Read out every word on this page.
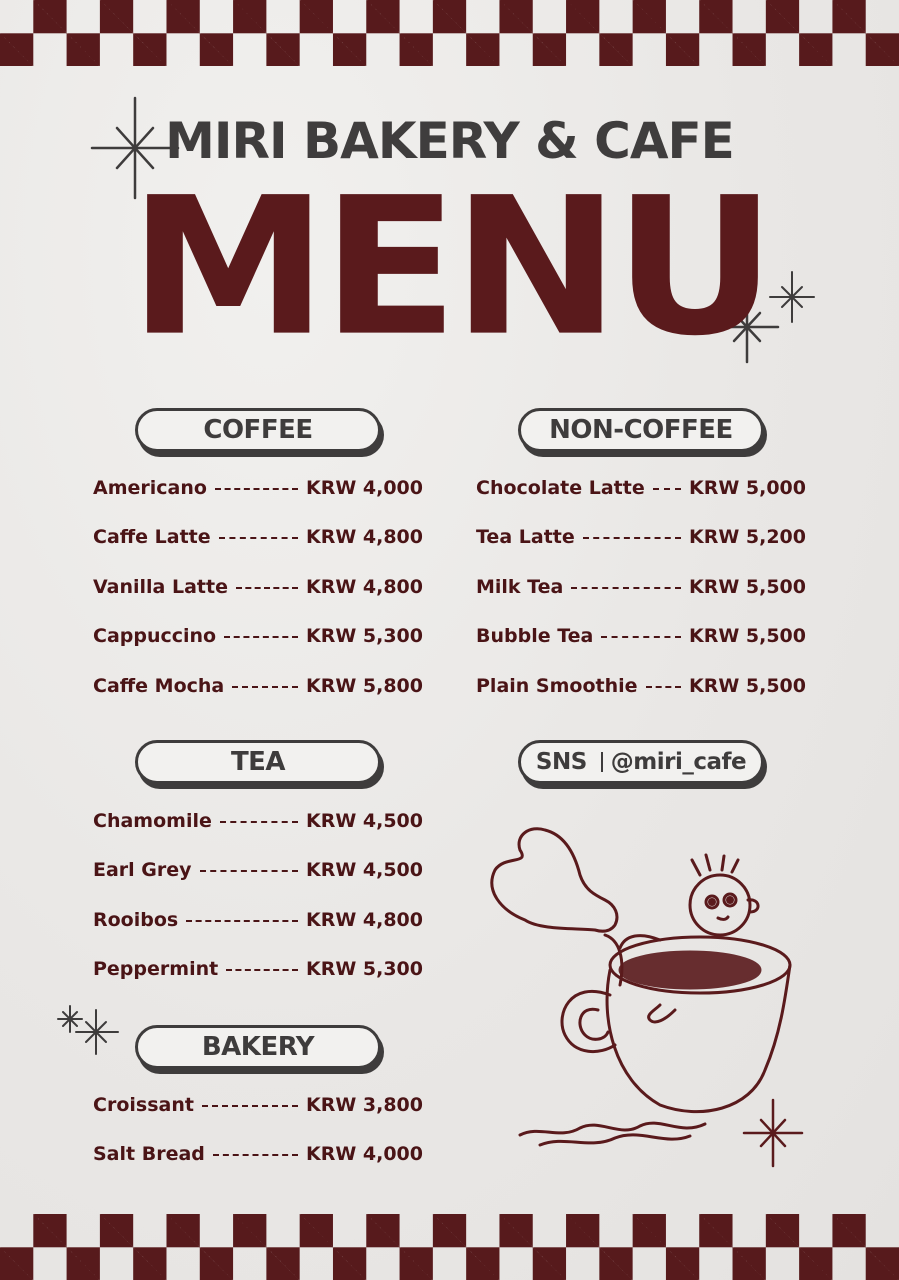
MIRI BAKERY & CAFE
MENU
COFFEE
Americano	KRW 4,000
Caffe Latte	KRW 4,800
Vanilla Latte	KRW 4,800
Cappuccino	KRW 5,300
Caffe Mocha	KRW 5,800
NON-COFFEE
Chocolate Latte KRW 5,000
Tea Latte	KRW 5,200
Milk Tea	KRW 5,500
Bubble Tea	KRW 5,500
Plain Smoothie	KRW 5,500
TEA
Chamomile	KRW 4,500
Earl Grey	KRW 4,500
Rooibos	KRW 4,800
Peppermint	KRW 5,300
BAKERY
Croissant	KRW 3,800
Salt Bread	KRW 4,000
SNS @miri_cafe
